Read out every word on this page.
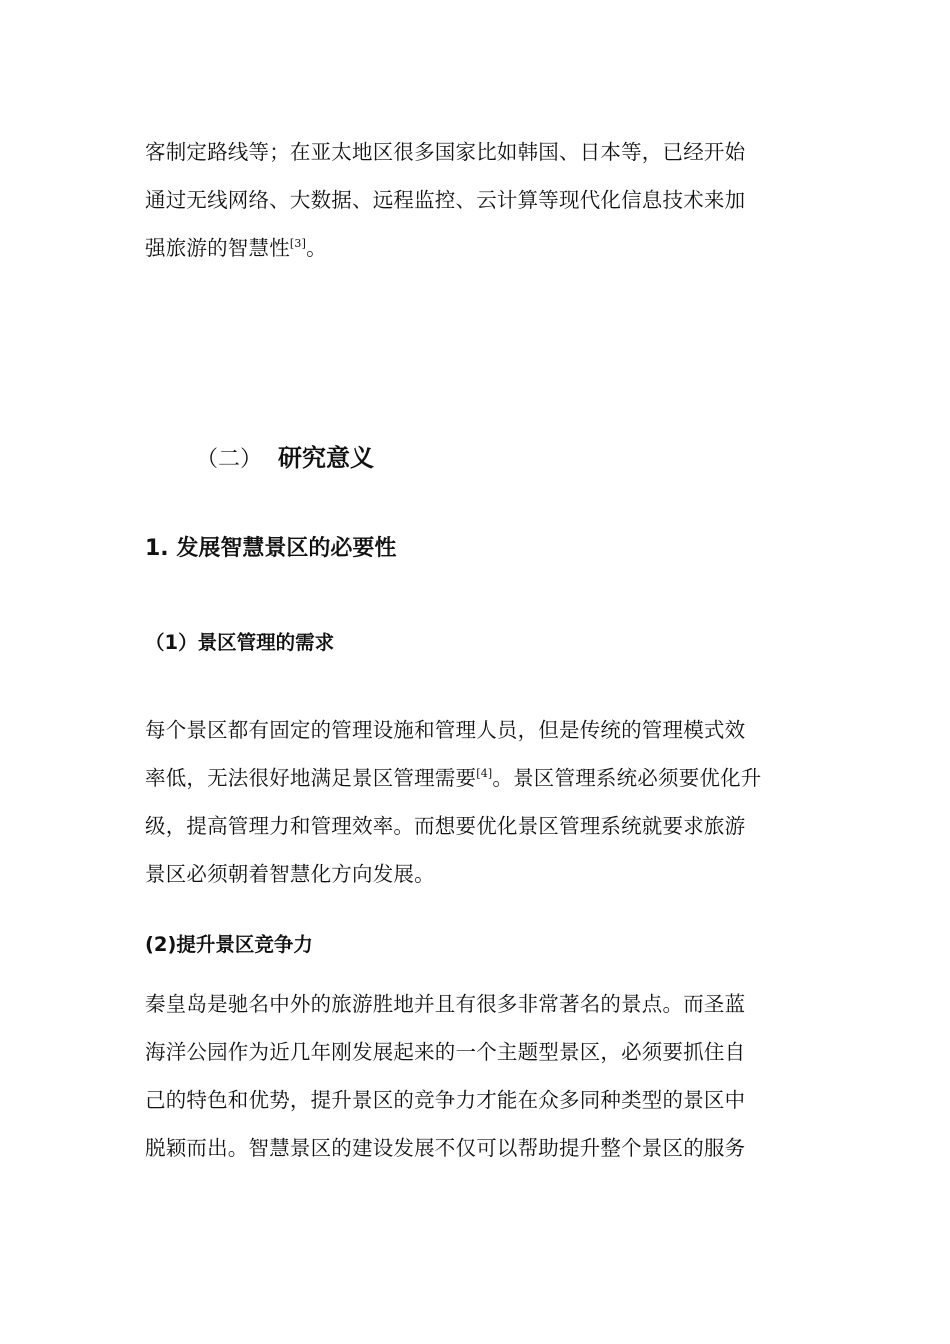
客制定路线等；在亚太地区很多国家比如韩国、日本等，已经开始
通过无线网络、大数据、远程监控、云计算等现代化信息技术来加
强旅游的智慧性[3]。

（二） 研究意义
1. 发展智慧景区的必要性
（1）景区管理的需求

每个景区都有固定的管理设施和管理人员，但是传统的管理模式效
率低，无法很好地满足景区管理需要[4]。景区管理系统必须要优化升
级，提高管理力和管理效率。而想要优化景区管理系统就要求旅游
景区必须朝着智慧化方向发展。

(2)提升景区竞争力

秦皇岛是驰名中外的旅游胜地并且有很多非常著名的景点。而圣蓝
海洋公园作为近几年刚发展起来的一个主题型景区，必须要抓住自
己的特色和优势，提升景区的竞争力才能在众多同种类型的景区中
脱颖而出。智慧景区的建设发展不仅可以帮助提升整个景区的服务
